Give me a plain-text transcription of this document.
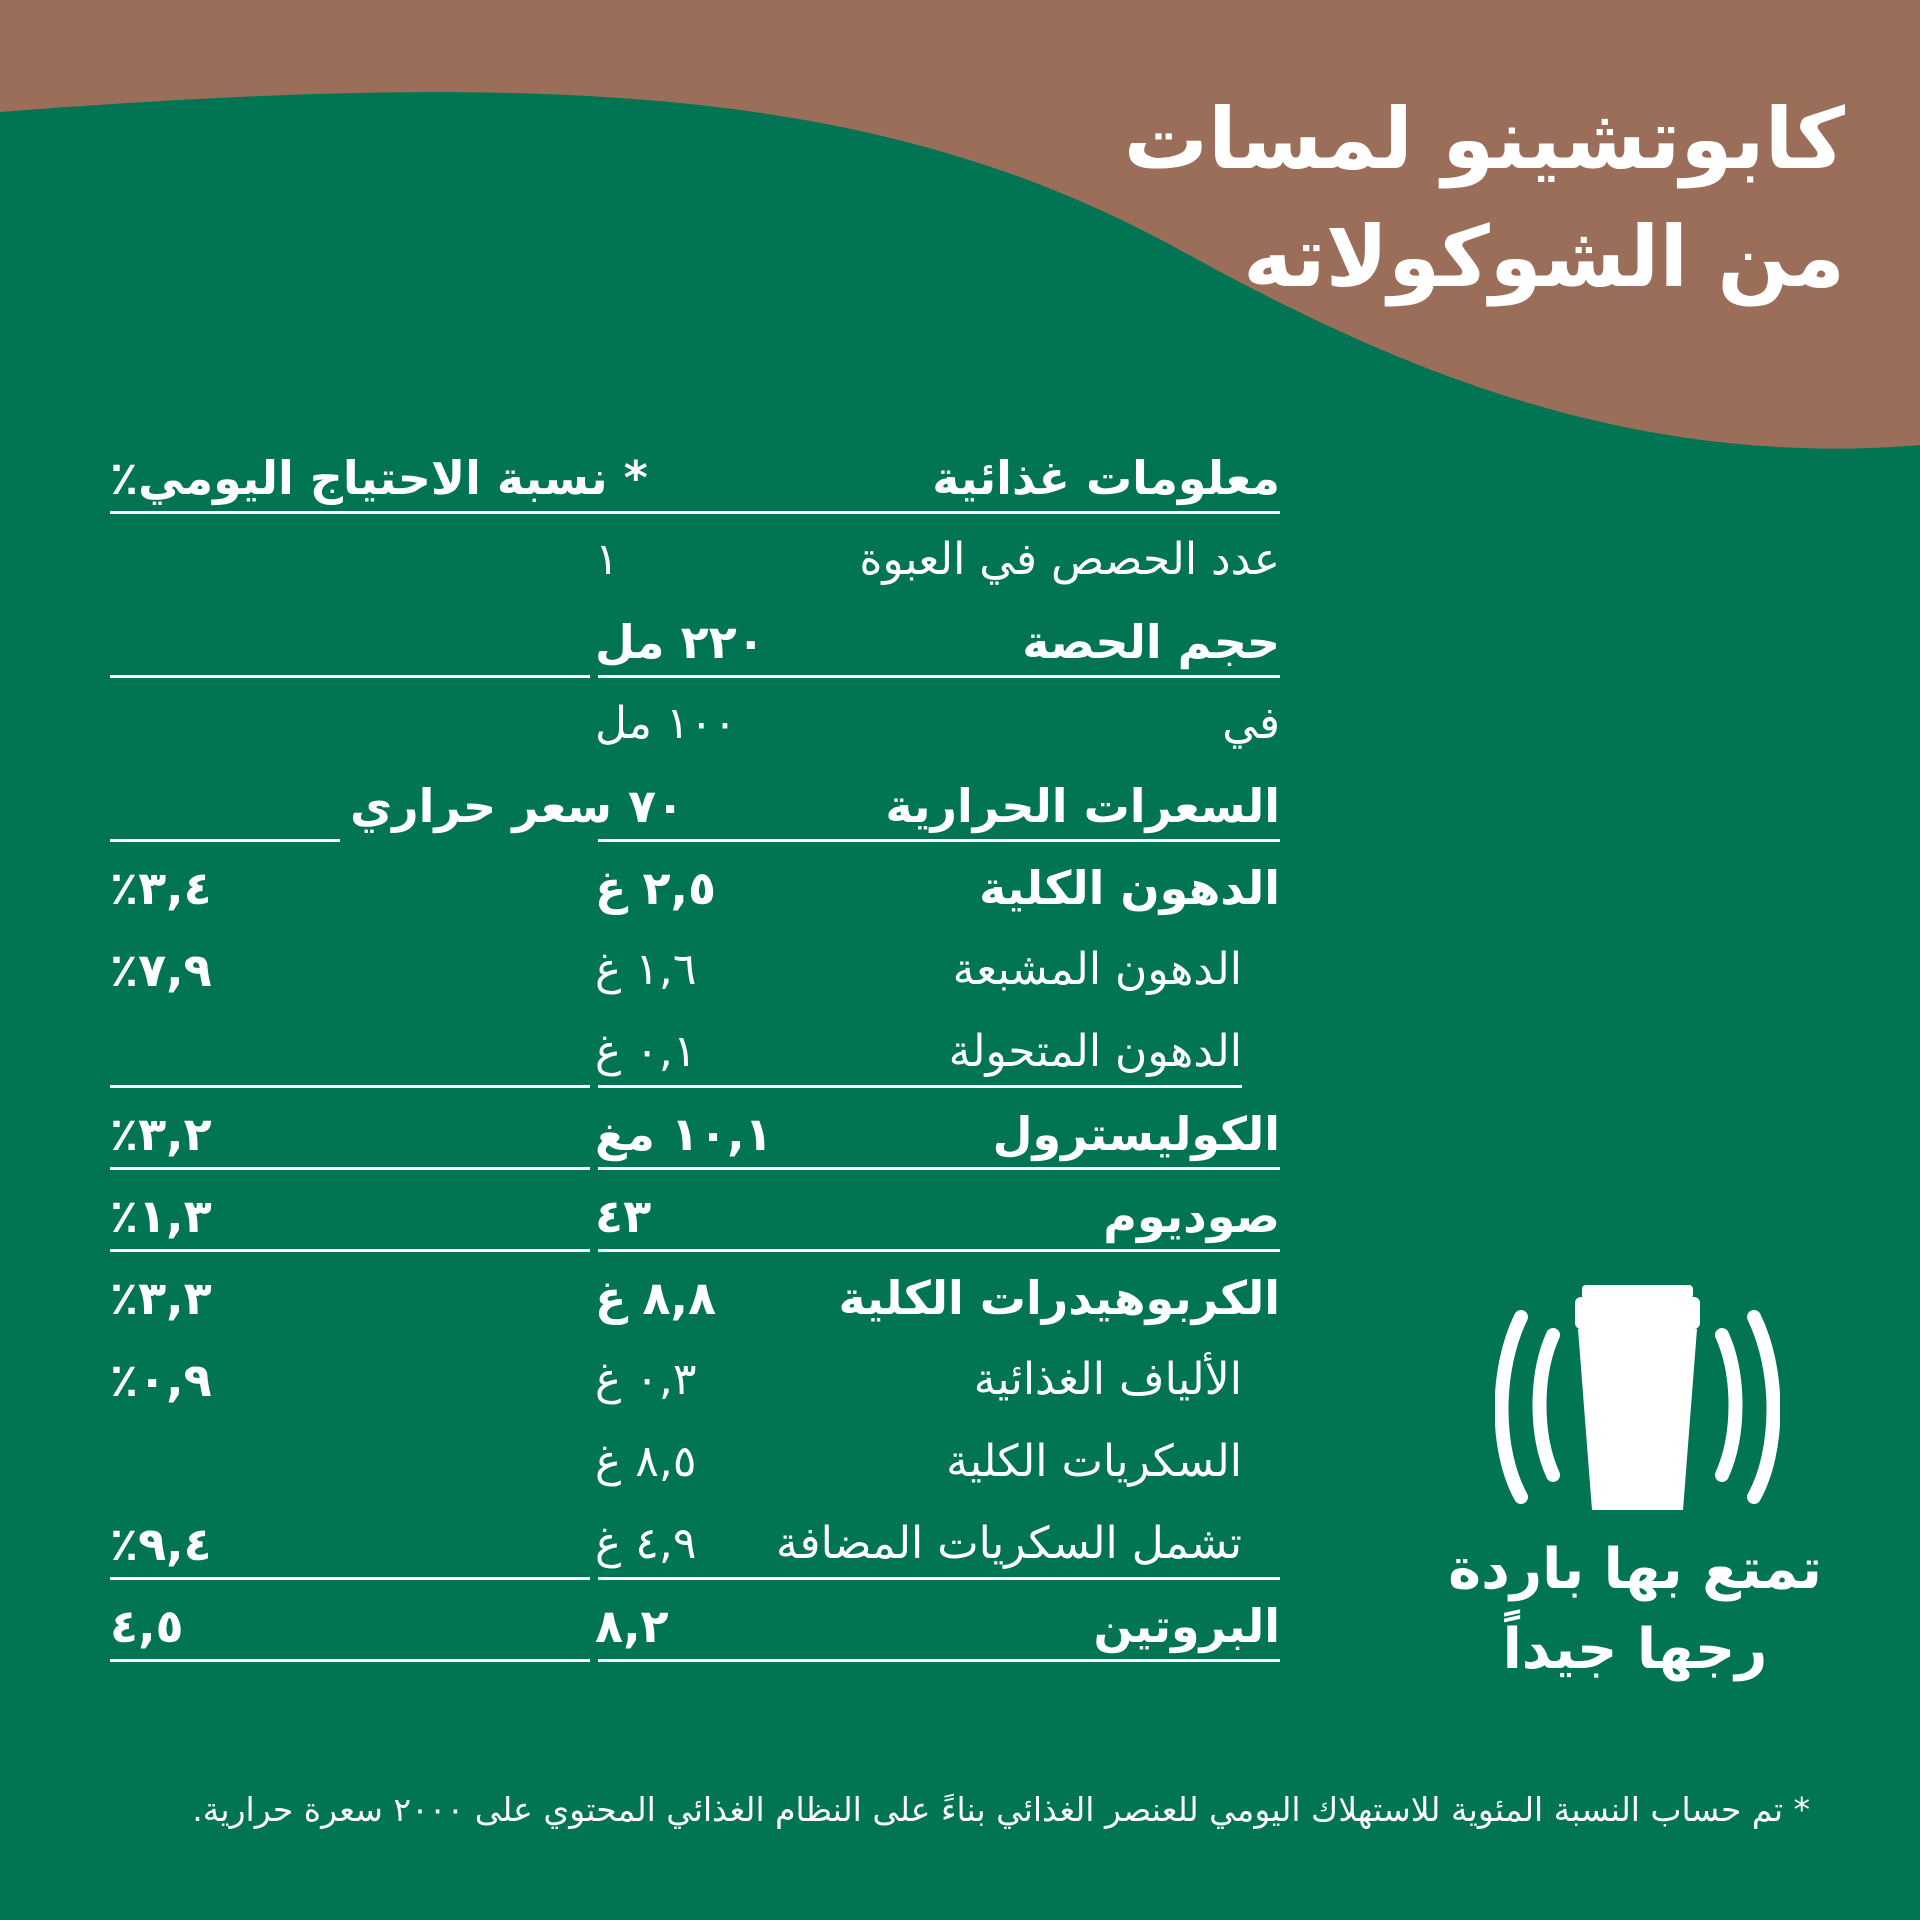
كابوتشينو لمسات
من الشوكولاته
معلومات غذائية
* نسبة الاحتياج اليومي٪
عدد الحصص في العبوة
١
حجم الحصة
٢٢٠ مل
في
١٠٠ مل
السعرات الحرارية
٧٠ سعر حراري
الدهون الكلية
٢,٥ غ
٣,٤٪
الدهون المشبعة
١,٦ غ
٧,٩٪
الدهون المتحولة
٠,١ غ
الكوليسترول
١٠,١ مغ
٣,٢٪
صوديوم
٤٣
١,٣٪
الكربوهيدرات الكلية
٨,٨ غ
٣,٣٪
الألياف الغذائية
٠,٣ غ
٠,٩٪
السكريات الكلية
٨,٥ غ
تشمل السكريات المضافة
٤,٩ غ
٩,٤٪
البروتين
٨,٢
٤,٥
تمتع بها باردة
رجها جيداً
* تم حساب النسبة المئوية للاستهلاك اليومي للعنصر الغذائي بناءً على النظام الغذائي المحتوي على ٢٠٠٠ سعرة حرارية.
